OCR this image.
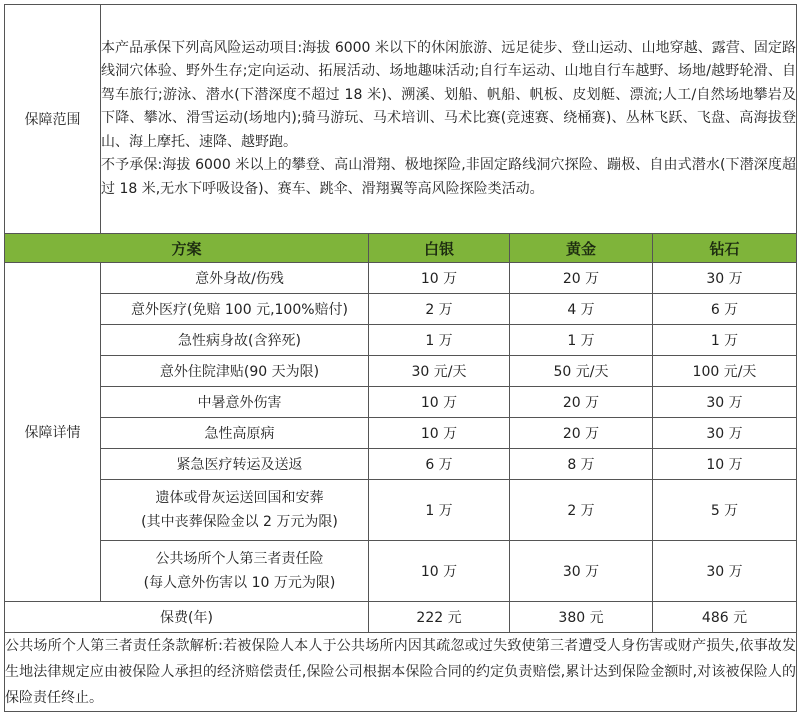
保障范围	本产品承保下列高风险运动项目:海拔 6000 米以下的休闲旅游、远足徒步、登山运动、山地穿越、露营、固定路线洞穴体验、野外生存;定向运动、拓展活动、场地趣味活动;自行车运动、山地自行车越野、场地/越野轮滑、自驾车旅行;游泳、潜水(下潜深度不超过 18 米)、溯溪、划船、帆船、帆板、皮划艇、漂流;人工/自然场地攀岩及下降、攀冰、滑雪运动(场地内);骑马游玩、马术培训、马术比赛(竞速赛、绕桶赛)、丛林飞跃、飞盘、高海拔登山、海上摩托、速降、越野跑。

不予承保:海拔 6000 米以上的攀登、高山滑翔、极地探险,非固定路线洞穴探险、蹦极、自由式潜水(下潜深度超过 18 米,无水下呼吸设备)、赛车、跳伞、滑翔翼等高风险探险类活动。			

方案		白银	黄金	钻石
保障详情	意外身故/伤残	10 万	20 万	30 万
	意外医疗(免赔 100 元,100%赔付)	2 万	4 万	6 万
	急性病身故(含猝死)	1 万	1 万	1 万
	意外住院津贴(90 天为限)	30 元/天	50 元/天	100 元/天
	中暑意外伤害	10 万	20 万	30 万
	急性高原病	10 万	20 万	30 万
	紧急医疗转运及送返	6 万	8 万	10 万

	遗体或骨灰运送回国和安葬
(其中丧葬保险金以 2 万元为限)	1 万	2 万	5 万

	公共场所个人第三者责任险
(每人意外伤害以 10 万元为限)	10 万	30 万	30 万
保费(年)		222 元	380 元	486 元
公共场所个人第三者责任条款解析:若被保险人本人于公共场所内因其疏忽或过失致使第三者遭受人身伤害或财产损失,依事故发生地法律规定应由被保险人承担的经济赔偿责任,保险公司根据本保险合同的约定负责赔偿,累计达到保险金额时,对该被保险人的保险责任终止。				
